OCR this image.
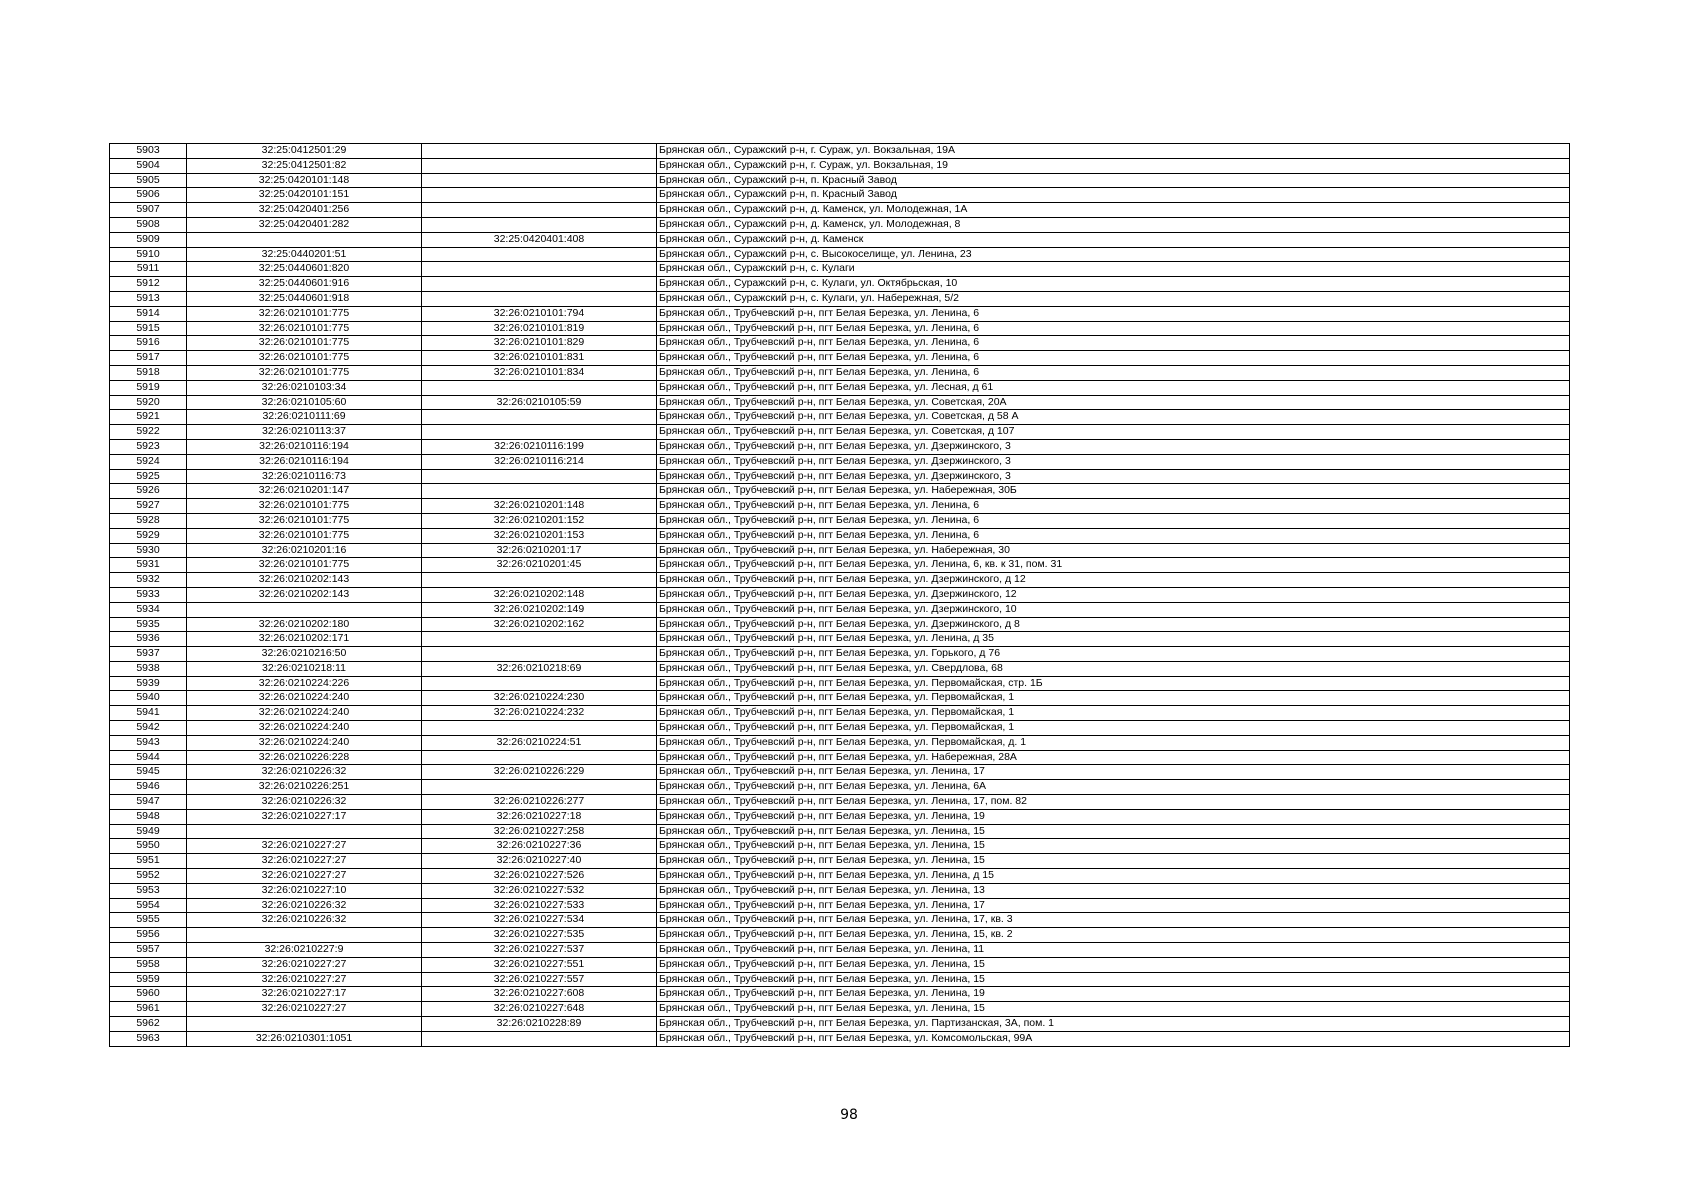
5903	32:25:0412501:29		Брянская обл., Суражский р-н, г. Сураж, ул. Вокзальная, 19А
5904	32:25:0412501:82		Брянская обл., Суражский р-н, г. Сураж, ул. Вокзальная, 19
5905	32:25:0420101:148		Брянская обл., Суражский р-н, п. Красный Завод
5906	32:25:0420101:151		Брянская обл., Суражский р-н, п. Красный Завод
5907	32:25:0420401:256		Брянская обл., Суражский р-н, д. Каменск, ул. Молодежная, 1А
5908	32:25:0420401:282		Брянская обл., Суражский р-н, д. Каменск, ул. Молодежная, 8
5909		32:25:0420401:408	Брянская обл., Суражский р-н, д. Каменск
5910	32:25:0440201:51		Брянская обл., Суражский р-н, с. Высокоселище, ул. Ленина, 23
5911	32:25:0440601:820		Брянская обл., Суражский р-н, с. Кулаги
5912	32:25:0440601:916		Брянская обл., Суражский р-н, с. Кулаги, ул. Октябрьская, 10
5913	32:25:0440601:918		Брянская обл., Суражский р-н, с. Кулаги, ул. Набережная, 5/2
5914	32:26:0210101:775	32:26:0210101:794	Брянская обл., Трубчевский р-н, пгт Белая Березка, ул. Ленина, 6
5915	32:26:0210101:775	32:26:0210101:819	Брянская обл., Трубчевский р-н, пгт Белая Березка, ул. Ленина, 6
5916	32:26:0210101:775	32:26:0210101:829	Брянская обл., Трубчевский р-н, пгт Белая Березка, ул. Ленина, 6
5917	32:26:0210101:775	32:26:0210101:831	Брянская обл., Трубчевский р-н, пгт Белая Березка, ул. Ленина, 6
5918	32:26:0210101:775	32:26:0210101:834	Брянская обл., Трубчевский р-н, пгт Белая Березка, ул. Ленина, 6
5919	32:26:0210103:34		Брянская обл., Трубчевский р-н, пгт Белая Березка, ул. Лесная, д 61
5920	32:26:0210105:60	32:26:0210105:59	Брянская обл., Трубчевский р-н, пгт Белая Березка, ул. Советская, 20А
5921	32:26:0210111:69		Брянская обл., Трубчевский р-н, пгт Белая Березка, ул. Советская, д 58 А
5922	32:26:0210113:37		Брянская обл., Трубчевский р-н, пгт Белая Березка, ул. Советская, д 107
5923	32:26:0210116:194	32:26:0210116:199	Брянская обл., Трубчевский р-н, пгт Белая Березка, ул. Дзержинского, 3
5924	32:26:0210116:194	32:26:0210116:214	Брянская обл., Трубчевский р-н, пгт Белая Березка, ул. Дзержинского, 3
5925	32:26:0210116:73		Брянская обл., Трубчевский р-н, пгт Белая Березка, ул. Дзержинского, 3
5926	32:26:0210201:147		Брянская обл., Трубчевский р-н, пгт Белая Березка, ул. Набережная, 30Б
5927	32:26:0210101:775	32:26:0210201:148	Брянская обл., Трубчевский р-н, пгт Белая Березка, ул. Ленина, 6
5928	32:26:0210101:775	32:26:0210201:152	Брянская обл., Трубчевский р-н, пгт Белая Березка, ул. Ленина, 6
5929	32:26:0210101:775	32:26:0210201:153	Брянская обл., Трубчевский р-н, пгт Белая Березка, ул. Ленина, 6
5930	32:26:0210201:16	32:26:0210201:17	Брянская обл., Трубчевский р-н, пгт Белая Березка, ул. Набережная, 30
5931	32:26:0210101:775	32:26:0210201:45	Брянская обл., Трубчевский р-н, пгт Белая Березка, ул. Ленина, 6, кв. к 31, пом. 31
5932	32:26:0210202:143		Брянская обл., Трубчевский р-н, пгт Белая Березка, ул. Дзержинского, д 12
5933	32:26:0210202:143	32:26:0210202:148	Брянская обл., Трубчевский р-н, пгт Белая Березка, ул. Дзержинского, 12
5934		32:26:0210202:149	Брянская обл., Трубчевский р-н, пгт Белая Березка, ул. Дзержинского, 10
5935	32:26:0210202:180	32:26:0210202:162	Брянская обл., Трубчевский р-н, пгт Белая Березка, ул. Дзержинского, д 8
5936	32:26:0210202:171		Брянская обл., Трубчевский р-н, пгт Белая Березка, ул. Ленина, д 35
5937	32:26:0210216:50		Брянская обл., Трубчевский р-н, пгт Белая Березка, ул. Горького, д 76
5938	32:26:0210218:11	32:26:0210218:69	Брянская обл., Трубчевский р-н, пгт Белая Березка, ул. Свердлова, 68
5939	32:26:0210224:226		Брянская обл., Трубчевский р-н, пгт Белая Березка, ул. Первомайская, стр. 1Б
5940	32:26:0210224:240	32:26:0210224:230	Брянская обл., Трубчевский р-н, пгт Белая Березка, ул. Первомайская, 1
5941	32:26:0210224:240	32:26:0210224:232	Брянская обл., Трубчевский р-н, пгт Белая Березка, ул. Первомайская, 1
5942	32:26:0210224:240		Брянская обл., Трубчевский р-н, пгт Белая Березка, ул. Первомайская, 1
5943	32:26:0210224:240	32:26:0210224:51	Брянская обл., Трубчевский р-н, пгт Белая Березка, ул. Первомайская, д. 1
5944	32:26:0210226:228		Брянская обл., Трубчевский р-н, пгт Белая Березка, ул. Набережная, 28А
5945	32:26:0210226:32	32:26:0210226:229	Брянская обл., Трубчевский р-н, пгт Белая Березка, ул. Ленина, 17
5946	32:26:0210226:251		Брянская обл., Трубчевский р-н, пгт Белая Березка, ул. Ленина, 6А
5947	32:26:0210226:32	32:26:0210226:277	Брянская обл., Трубчевский р-н, пгт Белая Березка, ул. Ленина, 17, пом. 82
5948	32:26:0210227:17	32:26:0210227:18	Брянская обл., Трубчевский р-н, пгт Белая Березка, ул. Ленина, 19
5949		32:26:0210227:258	Брянская обл., Трубчевский р-н, пгт Белая Березка, ул. Ленина, 15
5950	32:26:0210227:27	32:26:0210227:36	Брянская обл., Трубчевский р-н, пгт Белая Березка, ул. Ленина, 15
5951	32:26:0210227:27	32:26:0210227:40	Брянская обл., Трубчевский р-н, пгт Белая Березка, ул. Ленина, 15
5952	32:26:0210227:27	32:26:0210227:526	Брянская обл., Трубчевский р-н, пгт Белая Березка, ул. Ленина, д 15
5953	32:26:0210227:10	32:26:0210227:532	Брянская обл., Трубчевский р-н, пгт Белая Березка, ул. Ленина, 13
5954	32:26:0210226:32	32:26:0210227:533	Брянская обл., Трубчевский р-н, пгт Белая Березка, ул. Ленина, 17
5955	32:26:0210226:32	32:26:0210227:534	Брянская обл., Трубчевский р-н, пгт Белая Березка, ул. Ленина, 17, кв. 3
5956		32:26:0210227:535	Брянская обл., Трубчевский р-н, пгт Белая Березка, ул. Ленина, 15, кв. 2
5957	32:26:0210227:9	32:26:0210227:537	Брянская обл., Трубчевский р-н, пгт Белая Березка, ул. Ленина, 11
5958	32:26:0210227:27	32:26:0210227:551	Брянская обл., Трубчевский р-н, пгт Белая Березка, ул. Ленина, 15
5959	32:26:0210227:27	32:26:0210227:557	Брянская обл., Трубчевский р-н, пгт Белая Березка, ул. Ленина, 15
5960	32:26:0210227:17	32:26:0210227:608	Брянская обл., Трубчевский р-н, пгт Белая Березка, ул. Ленина, 19
5961	32:26:0210227:27	32:26:0210227:648	Брянская обл., Трубчевский р-н, пгт Белая Березка, ул. Ленина, 15
5962		32:26:0210228:89	Брянская обл., Трубчевский р-н, пгт Белая Березка, ул. Партизанская, 3А, пом. 1
5963	32:26:0210301:1051		Брянская обл., Трубчевский р-н, пгт Белая Березка, ул. Комсомольская, 99А
98
